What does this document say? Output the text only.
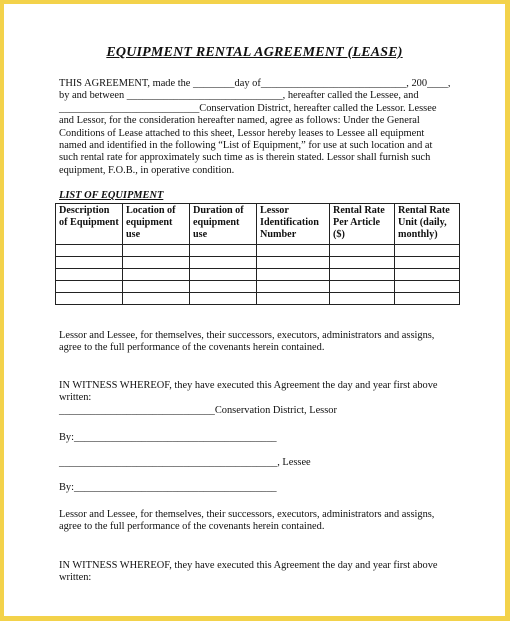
EQUIPMENT RENTAL AGREEMENT (LEASE)

THIS AGREEMENT, made the ________day of____________________________, 200____, by and between ______________________________, hereafter called the Lessee, and ___________________________Conservation District, hereafter called the Lessor. Lessee and Lessor, for the consideration hereafter named, agree as follows: Under the General Conditions of Lease attached to this sheet, Lessor hereby leases to Lessee all equipment named and identified in the following “List of Equipment,” for use at such location and at such rental rate for approximately such time as is therein stated. Lessor shall furnish such equipment, F.O.B., in operative condition.

LIST OF EQUIPMENT
Description of Equipment	Location of equipment use	Duration of equipment use	Lessor Identification Number	Rental Rate Per Article ($)	Rental Rate Unit (daily, monthly)

Lessor and Lessee, for themselves, their successors, executors, administrators and assigns, agree to the full performance of the covenants herein contained.

IN WITNESS WHEREOF, they have executed this Agreement the day and year first above written:

______________________________Conservation District, Lessor
By:_______________________________________
__________________________________________, Lessee
By:_______________________________________

Lessor and Lessee, for themselves, their successors, executors, administrators and assigns, agree to the full performance of the covenants herein contained.

IN WITNESS WHEREOF, they have executed this Agreement the day and year first above written:
